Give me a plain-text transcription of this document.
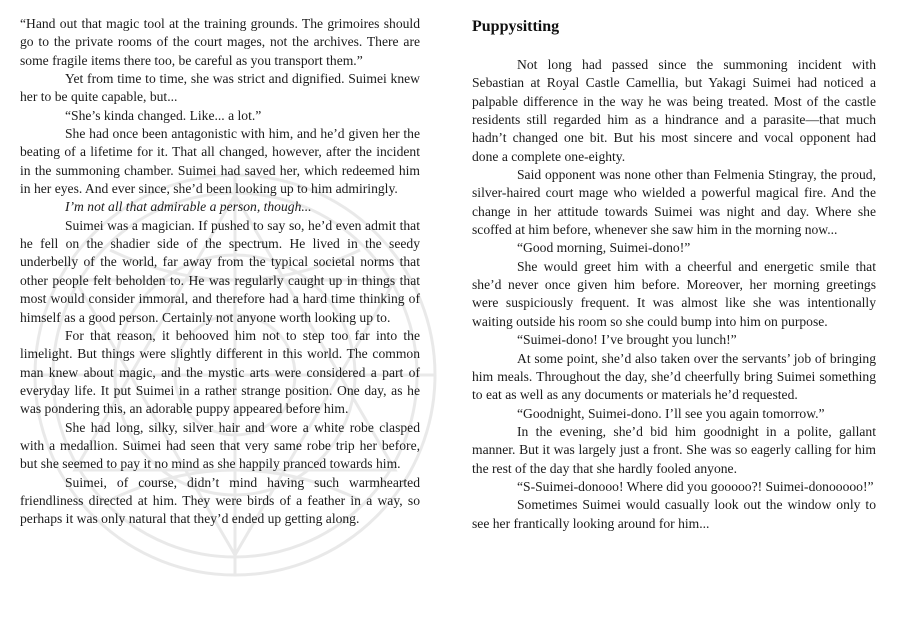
“Hand out that magic tool at the training grounds. The grimoires should go to the private rooms of the court mages, not the archives. There are some fragile items there too, be careful as you transport them.”

Yet from time to time, she was strict and dignified. Suimei knew her to be quite capable, but...

“She’s kinda changed. Like... a lot.”

She had once been antagonistic with him, and he’d given her the beating of a lifetime for it. That all changed, however, after the incident in the summoning chamber. Suimei had saved her, which redeemed him in her eyes. And ever since, she’d been looking up to him admiringly.

I’m not all that admirable a person, though...

Suimei was a magician. If pushed to say so, he’d even admit that he fell on the shadier side of the spectrum. He lived in the seedy underbelly of the world, far away from the typical societal norms that other people felt beholden to. He was regularly caught up in things that most would consider immoral, and therefore had a hard time thinking of himself as a good person. Certainly not anyone worth looking up to.

For that reason, it behooved him not to step too far into the limelight. But things were slightly different in this world. The common man knew about magic, and the mystic arts were considered a part of everyday life. It put Suimei in a rather strange position. One day, as he was pondering this, an adorable puppy appeared before him.

She had long, silky, silver hair and wore a white robe clasped with a medallion. Suimei had seen that very same robe trip her before, but she seemed to pay it no mind as she happily pranced towards him.

Suimei, of course, didn’t mind having such warmhearted friendliness directed at him. They were birds of a feather in a way, so perhaps it was only natural that they’d ended up getting along.

Puppysitting

Not long had passed since the summoning incident with Sebastian at Royal Castle Camellia, but Yakagi Suimei had noticed a palpable difference in the way he was being treated. Most of the castle residents still regarded him as a hindrance and a parasite—that much hadn’t changed one bit. But his most sincere and vocal opponent had done a complete one-eighty.

Said opponent was none other than Felmenia Stingray, the proud, silver-haired court mage who wielded a powerful magical fire. And the change in her attitude towards Suimei was night and day. Where she scoffed at him before, whenever she saw him in the morning now...

“Good morning, Suimei-dono!”

She would greet him with a cheerful and energetic smile that she’d never once given him before. Moreover, her morning greetings were suspiciously frequent. It was almost like she was intentionally waiting outside his room so she could bump into him on purpose.

“Suimei-dono! I’ve brought you lunch!”

At some point, she’d also taken over the servants’ job of bringing him meals. Throughout the day, she’d cheerfully bring Suimei something to eat as well as any documents or materials he’d requested.

“Goodnight, Suimei-dono. I’ll see you again tomorrow.”

In the evening, she’d bid him goodnight in a polite, gallant manner. But it was largely just a front. She was so eagerly calling for him the rest of the day that she hardly fooled anyone.

“S-Suimei-donooo! Where did you gooooo?! Suimei-donooooo!”

Sometimes Suimei would casually look out the window only to see her frantically looking around for him...
